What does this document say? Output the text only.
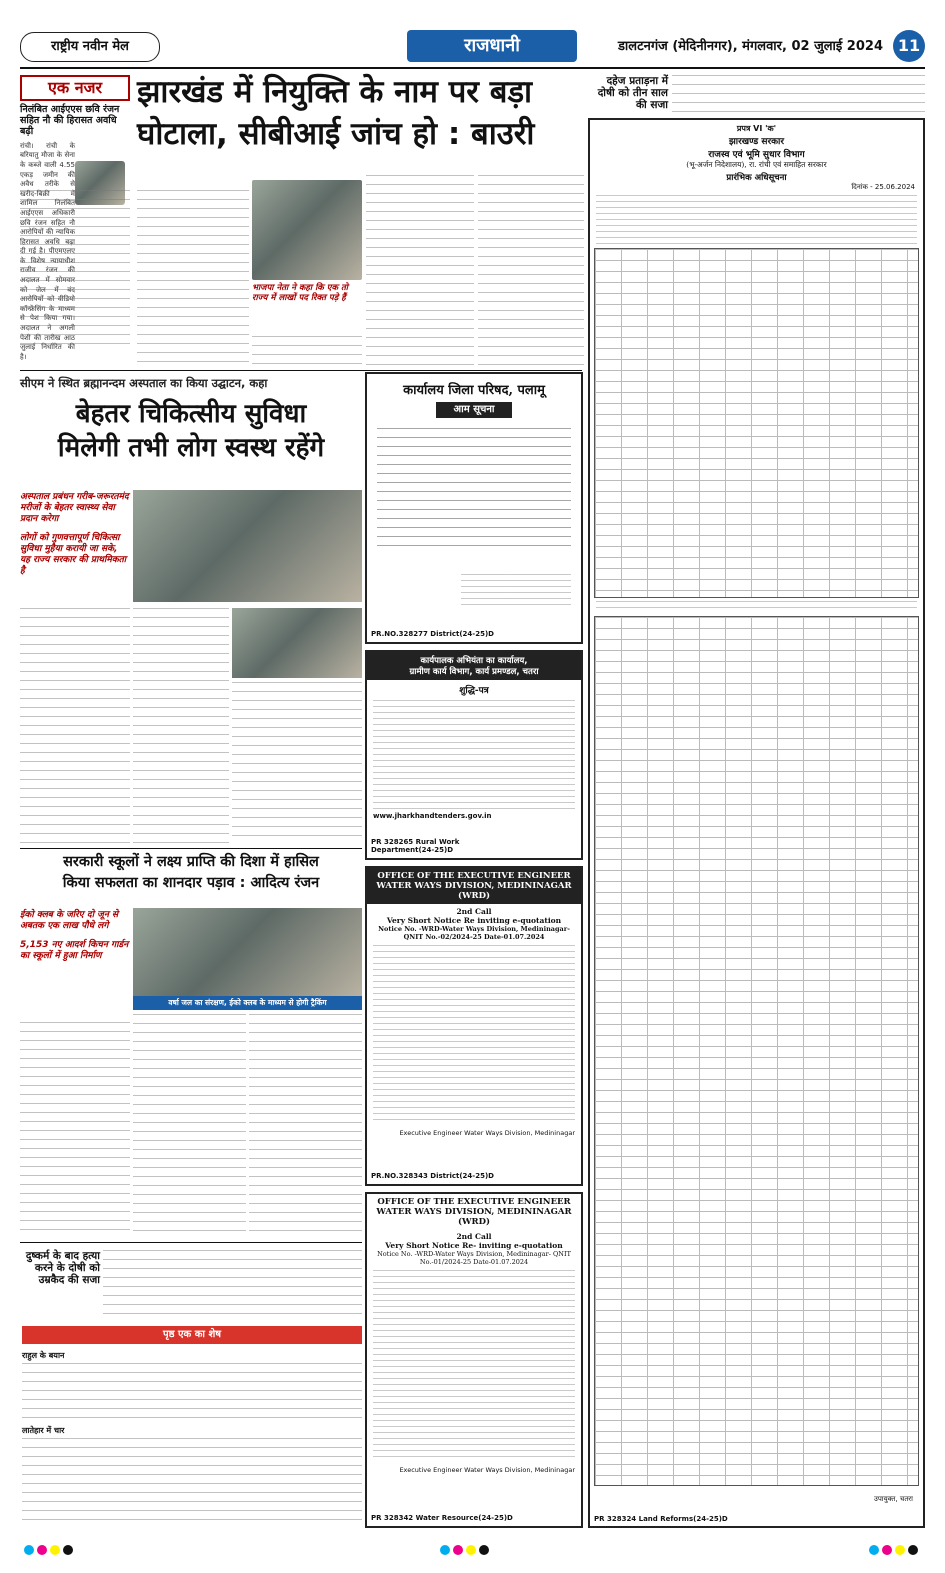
राष्ट्रीय नवीन मेल	राजधानी	डालटनगंज (मेदिनीनगर), मंगलवार, 02 जुलाई 2024 11
एक नजर
निलंबित आईएएस छवि रंजन सहित नौ की हिरासत अवधि बढ़ी
रांची। रांची के बरियातु मौजा के सेना के कब्जे वाली 4.55 एकड़ जमीन की अवैध तरीके से खरीद-बिक्री में शामिल निलंबित आईएएस अधिकारी छवि रंजन सहित नौ आरोपियों की न्यायिक हिरासत अवधि बढ़ा दी गई है। पीएमएलए के विशेष न्यायाधीश राजीव रंजन की अदालत में सोमवार को जेल में बंद आरोपियों को वीडियो कॉन्फ्रेंसिंग के माध्यम से पेश किया गया। अदालत ने अगली पेशी की तारीख आठ जुलाई निर्धारित की है।
झारखंड में नियुक्ति के नाम पर बड़ा
घोटाला, सीबीआई जांच हो : बाउरी
भाजपा नेता ने कहा कि एक तो राज्य में लाखों पद रिक्त पड़े हैं
दहेज प्रताड़ना में दोषी को तीन साल की सजा
प्रपत्र VI 'क'
झारखण्ड सरकार
राजस्व एवं भूमि सुधार विभाग
(भू-अर्जन निदेशालय), रा. रांची एवं समाहित सरकार
प्रारंभिक अधिसूचना
दिनांक - 25.06.2024
उपायुक्त, चतरा
PR 328324 Land Reforms(24-25)D
सीएम ने स्थित ब्रह्मानन्दम अस्पताल का किया उद्घाटन, कहा
बेहतर चिकित्सीय सुविधा
मिलेगी तभी लोग स्वस्थ रहेंगे
अस्पताल प्रबंधन गरीब-जरूरतमंद मरीजों के बेहतर स्वास्थ्य सेवा प्रदान करेगा
लोगों को गुणवत्तापूर्ण चिकित्सा सुविधा मुहैया करायी जा सके, यह राज्य सरकार की प्राथमिकता है
सरकारी स्कूलों ने लक्ष्य प्राप्ति की दिशा में हासिल
किया सफलता का शानदार पड़ाव : आदित्य रंजन
ईको क्लब के जरिए दो जून से अबतक एक लाख पौधे लगे
5,153 नए आदर्श किचन गार्डन का स्कूलों में हुआ निर्माण
वर्षा जल का संरक्षण, ईको क्लब के माध्यम से होगी ट्रैकिंग
दुष्कर्म के बाद हत्या करने के दोषी को उम्रकैद की सजा
पृष्ठ एक का शेष
राहुल के बयान
लातेहार में चार
कार्यालय जिला परिषद, पलामू
आम सूचना
PR.NO.328277 District(24-25)D
कार्यपालक अभियंता का कार्यालय,
ग्रामीण कार्य विभाग, कार्य प्रमण्डल, चतरा
शुद्धि-पत्र
www.jharkhandtenders.gov.in
PR 328265 Rural Work Department(24-25)D
OFFICE OF THE EXECUTIVE ENGINEER WATER WAYS DIVISION, MEDININAGAR (WRD)
2nd Call
Very Short Notice Re inviting e-quotation
Notice No. -WRD-Water Ways Division, Medininagar- QNIT No.-02/2024-25 Date-01.07.2024
Executive Engineer Water Ways Division, Medininagar
PR.NO.328343 District(24-25)D
OFFICE OF THE EXECUTIVE ENGINEER WATER WAYS DIVISION, MEDININAGAR (WRD)
2nd Call
Very Short Notice Re- inviting e-quotation
Notice No. -WRD-Water Ways Division, Medininagar- QNIT No.-01/2024-25 Date-01.07.2024
Executive Engineer Water Ways Division, Medininagar
PR 328342 Water Resource(24-25)D
